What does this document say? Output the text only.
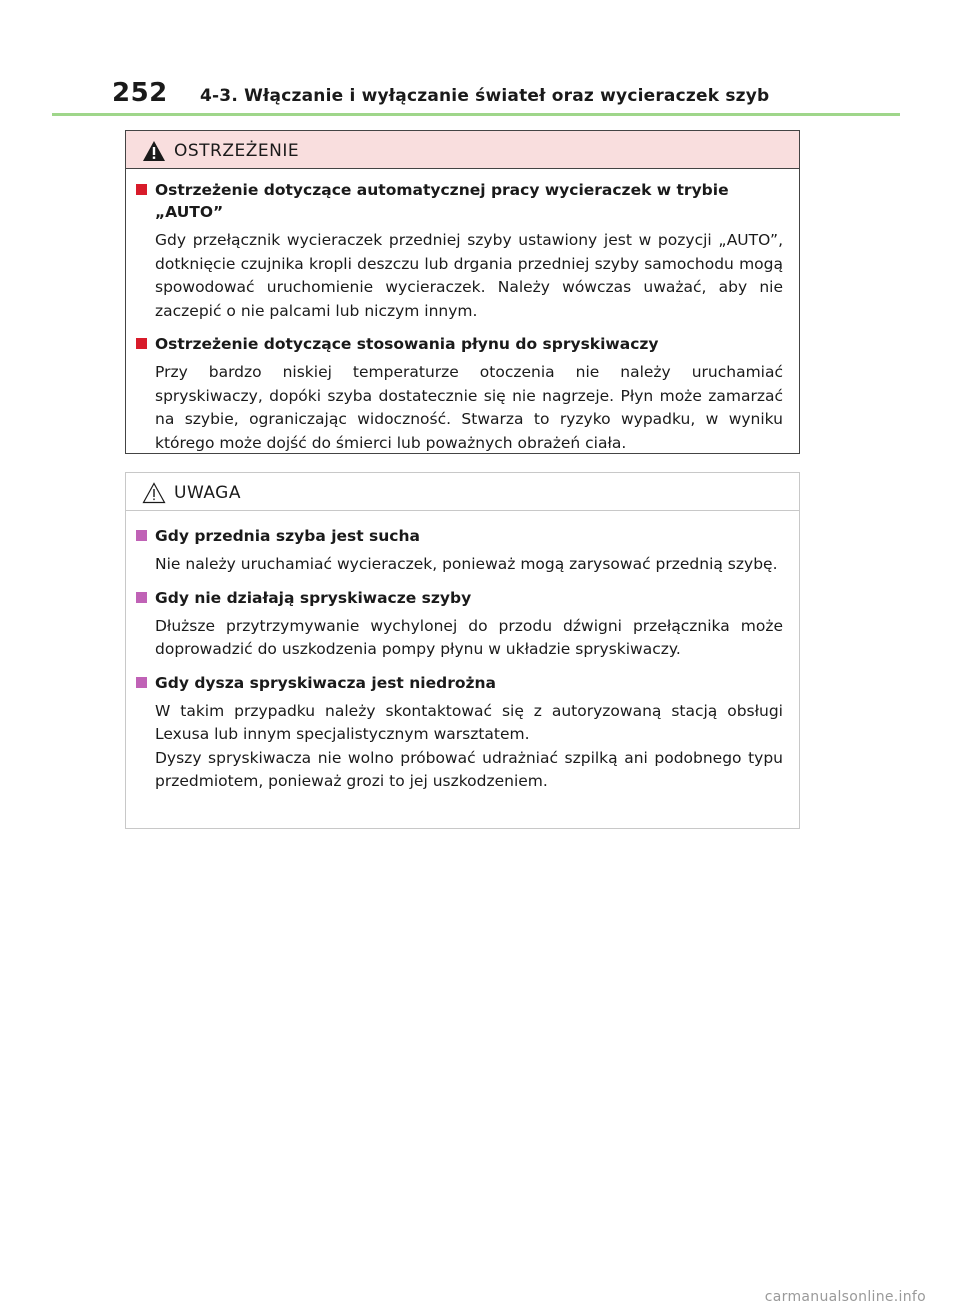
252 4-3. Włączanie i wyłączanie świateł oraz wycieraczek szyb
OSTRZEŻENIE
Ostrzeżenie dotyczące automatycznej pracy wycieraczek w trybie „AUTO”

Gdy przełącznik wycieraczek przedniej szyby ustawiony jest w pozycji „AUTO”, dotknięcie czujnika kropli deszczu lub drgania przedniej szyby samochodu mogą spowodować uruchomienie wycieraczek. Należy wówczas uważać, aby nie zaczepić o nie palcami lub niczym innym.

Ostrzeżenie dotyczące stosowania płynu do spryskiwaczy

Przy bardzo niskiej temperaturze otoczenia nie należy uruchamiać spryskiwaczy, dopóki szyba dostatecznie się nie nagrzeje. Płyn może zamarzać na szybie, ograniczając widoczność. Stwarza to ryzyko wypadku, w wyniku którego może dojść do śmierci lub poważnych obrażeń ciała.

UWAGA
Gdy przednia szyba jest sucha

Nie należy uruchamiać wycieraczek, ponieważ mogą zarysować przednią szybę.

Gdy nie działają spryskiwacze szyby

Dłuższe przytrzymywanie wychylonej do przodu dźwigni przełącznika może doprowadzić do uszkodzenia pompy płynu w układzie spryskiwaczy.

Gdy dysza spryskiwacza jest niedrożna

W takim przypadku należy skontaktować się z autoryzowaną stacją obsługi Lexusa lub innym specjalistycznym warsztatem.

Dyszy spryskiwacza nie wolno próbować udrażniać szpilką ani podobnego typu przedmiotem, ponieważ grozi to jej uszkodzeniem.

carmanualsonline.info
